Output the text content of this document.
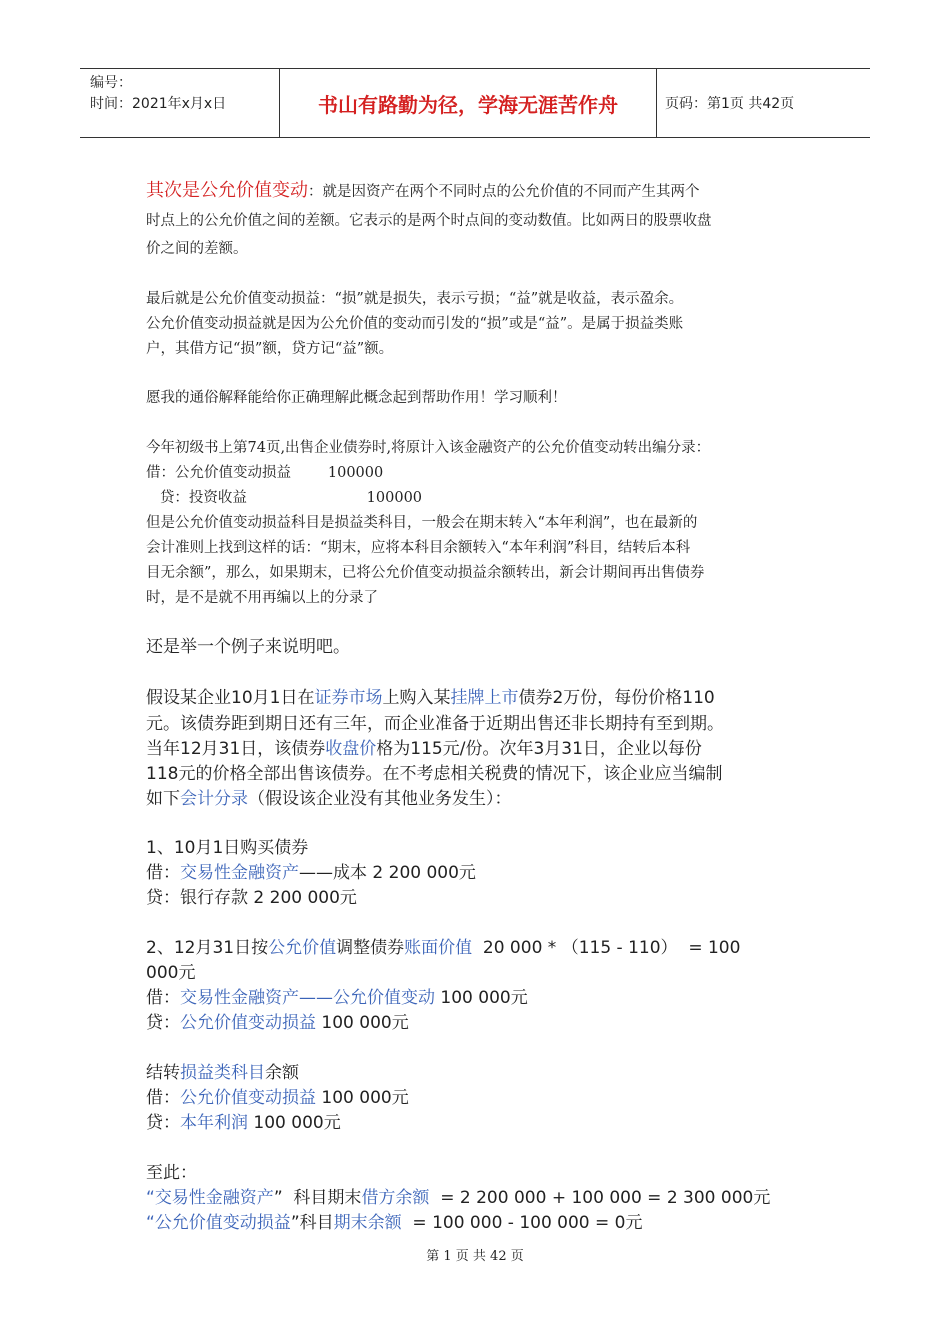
编号：
时间：2021年x月x日	书山有路勤为径，学海无涯苦作舟	页码：第1页 共42页
其次是公允价值变动：就是因资产在两个不同时点的公允价值的不同而产生其两个
时点上的公允价值之间的差额。它表示的是两个时点间的变动数值。比如两日的股票收盘
价之间的差额。
最后就是公允价值变动损益：“损”就是损失，表示亏损；“益”就是收益，表示盈余。
公允价值变动损益就是因为公允价值的变动而引发的“损”或是“益”。是属于损益类账
户，其借方记“损”额，贷方记“益”额。
愿我的通俗解释能给你正确理解此概念起到帮助作用！学习顺利！
今年初级书上第74页,出售企业债券时,将原计入该金融资产的公允价值变动转出编分录：
借：公允价值变动损益        100000
贷：投资收益                          100000
但是公允价值变动损益科目是损益类科目，一般会在期末转入“本年利润”，也在最新的
会计准则上找到这样的话：“期末，应将本科目余额转入“本年利润”科目，结转后本科
目无余额”，那么，如果期末，已将公允价值变动损益余额转出，新会计期间再出售债券
时，是不是就不用再编以上的分录了
还是举一个例子来说明吧。
假设某企业10月1日在证券市场上购入某挂牌上市债券2万份，每份价格110
元。该债券距到期日还有三年，而企业准备于近期出售还非长期持有至到期。
当年12月31日，该债券收盘价格为115元/份。次年3月31日，企业以每份
118元的价格全部出售该债券。在不考虑相关税费的情况下，该企业应当编制
如下会计分录（假设该企业没有其他业务发生）：
1、10月1日购买债券
借：交易性金融资产——成本 2 200 000元
贷：银行存款 2 200 000元
2、12月31日按公允价值调整债券账面价值  20 000 * （115 - 110）  = 100
000元
借：交易性金融资产——公允价值变动 100 000元
贷：公允价值变动损益 100 000元
结转损益类科目余额
借：公允价值变动损益 100 000元
贷：本年利润 100 000元
至此：
“交易性金融资产”  科目期末借方余额  = 2 200 000 + 100 000 = 2 300 000元
“公允价值变动损益”科目期末余额  = 100 000 - 100 000 = 0元
第 1 页 共 42 页
